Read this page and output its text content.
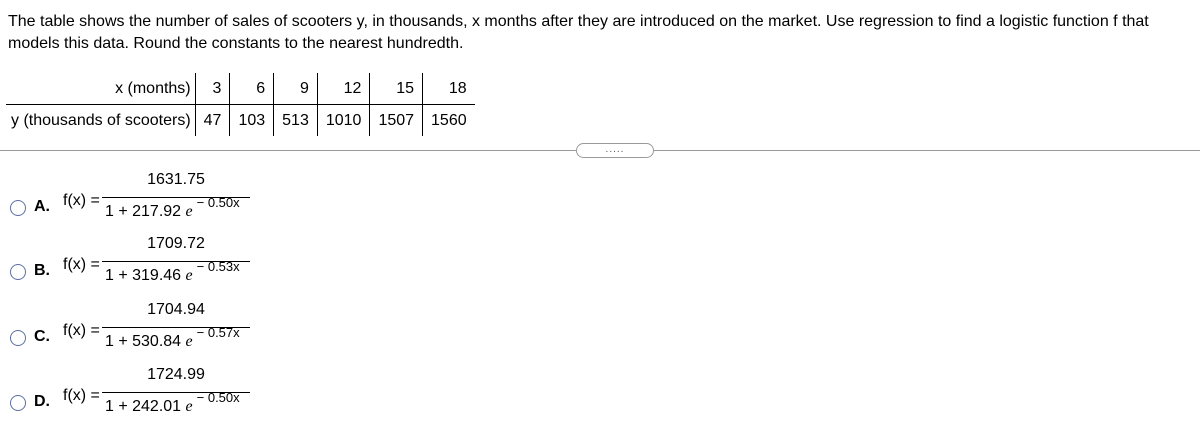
The table shows the number of sales of scooters y, in thousands, x months after they are introduced on the market. Use regression to find a logistic function f that models this data. Round the constants to the nearest hundredth.
x (months)	3	6	9	12	15	18
y (thousands of scooters)	47	103	513	1010	1507	1560
.....
A. f(x) =
1631.75
1 + 217.92 $e^{- 0.50x}$
B. f(x) =
1709.72
1 + 319.46 $e^{- 0.53x}$
C. f(x) =
1704.94
1 + 530.84 $e^{- 0.57x}$
D. f(x) =
1724.99
1 + 242.01 $e^{- 0.50x}$
